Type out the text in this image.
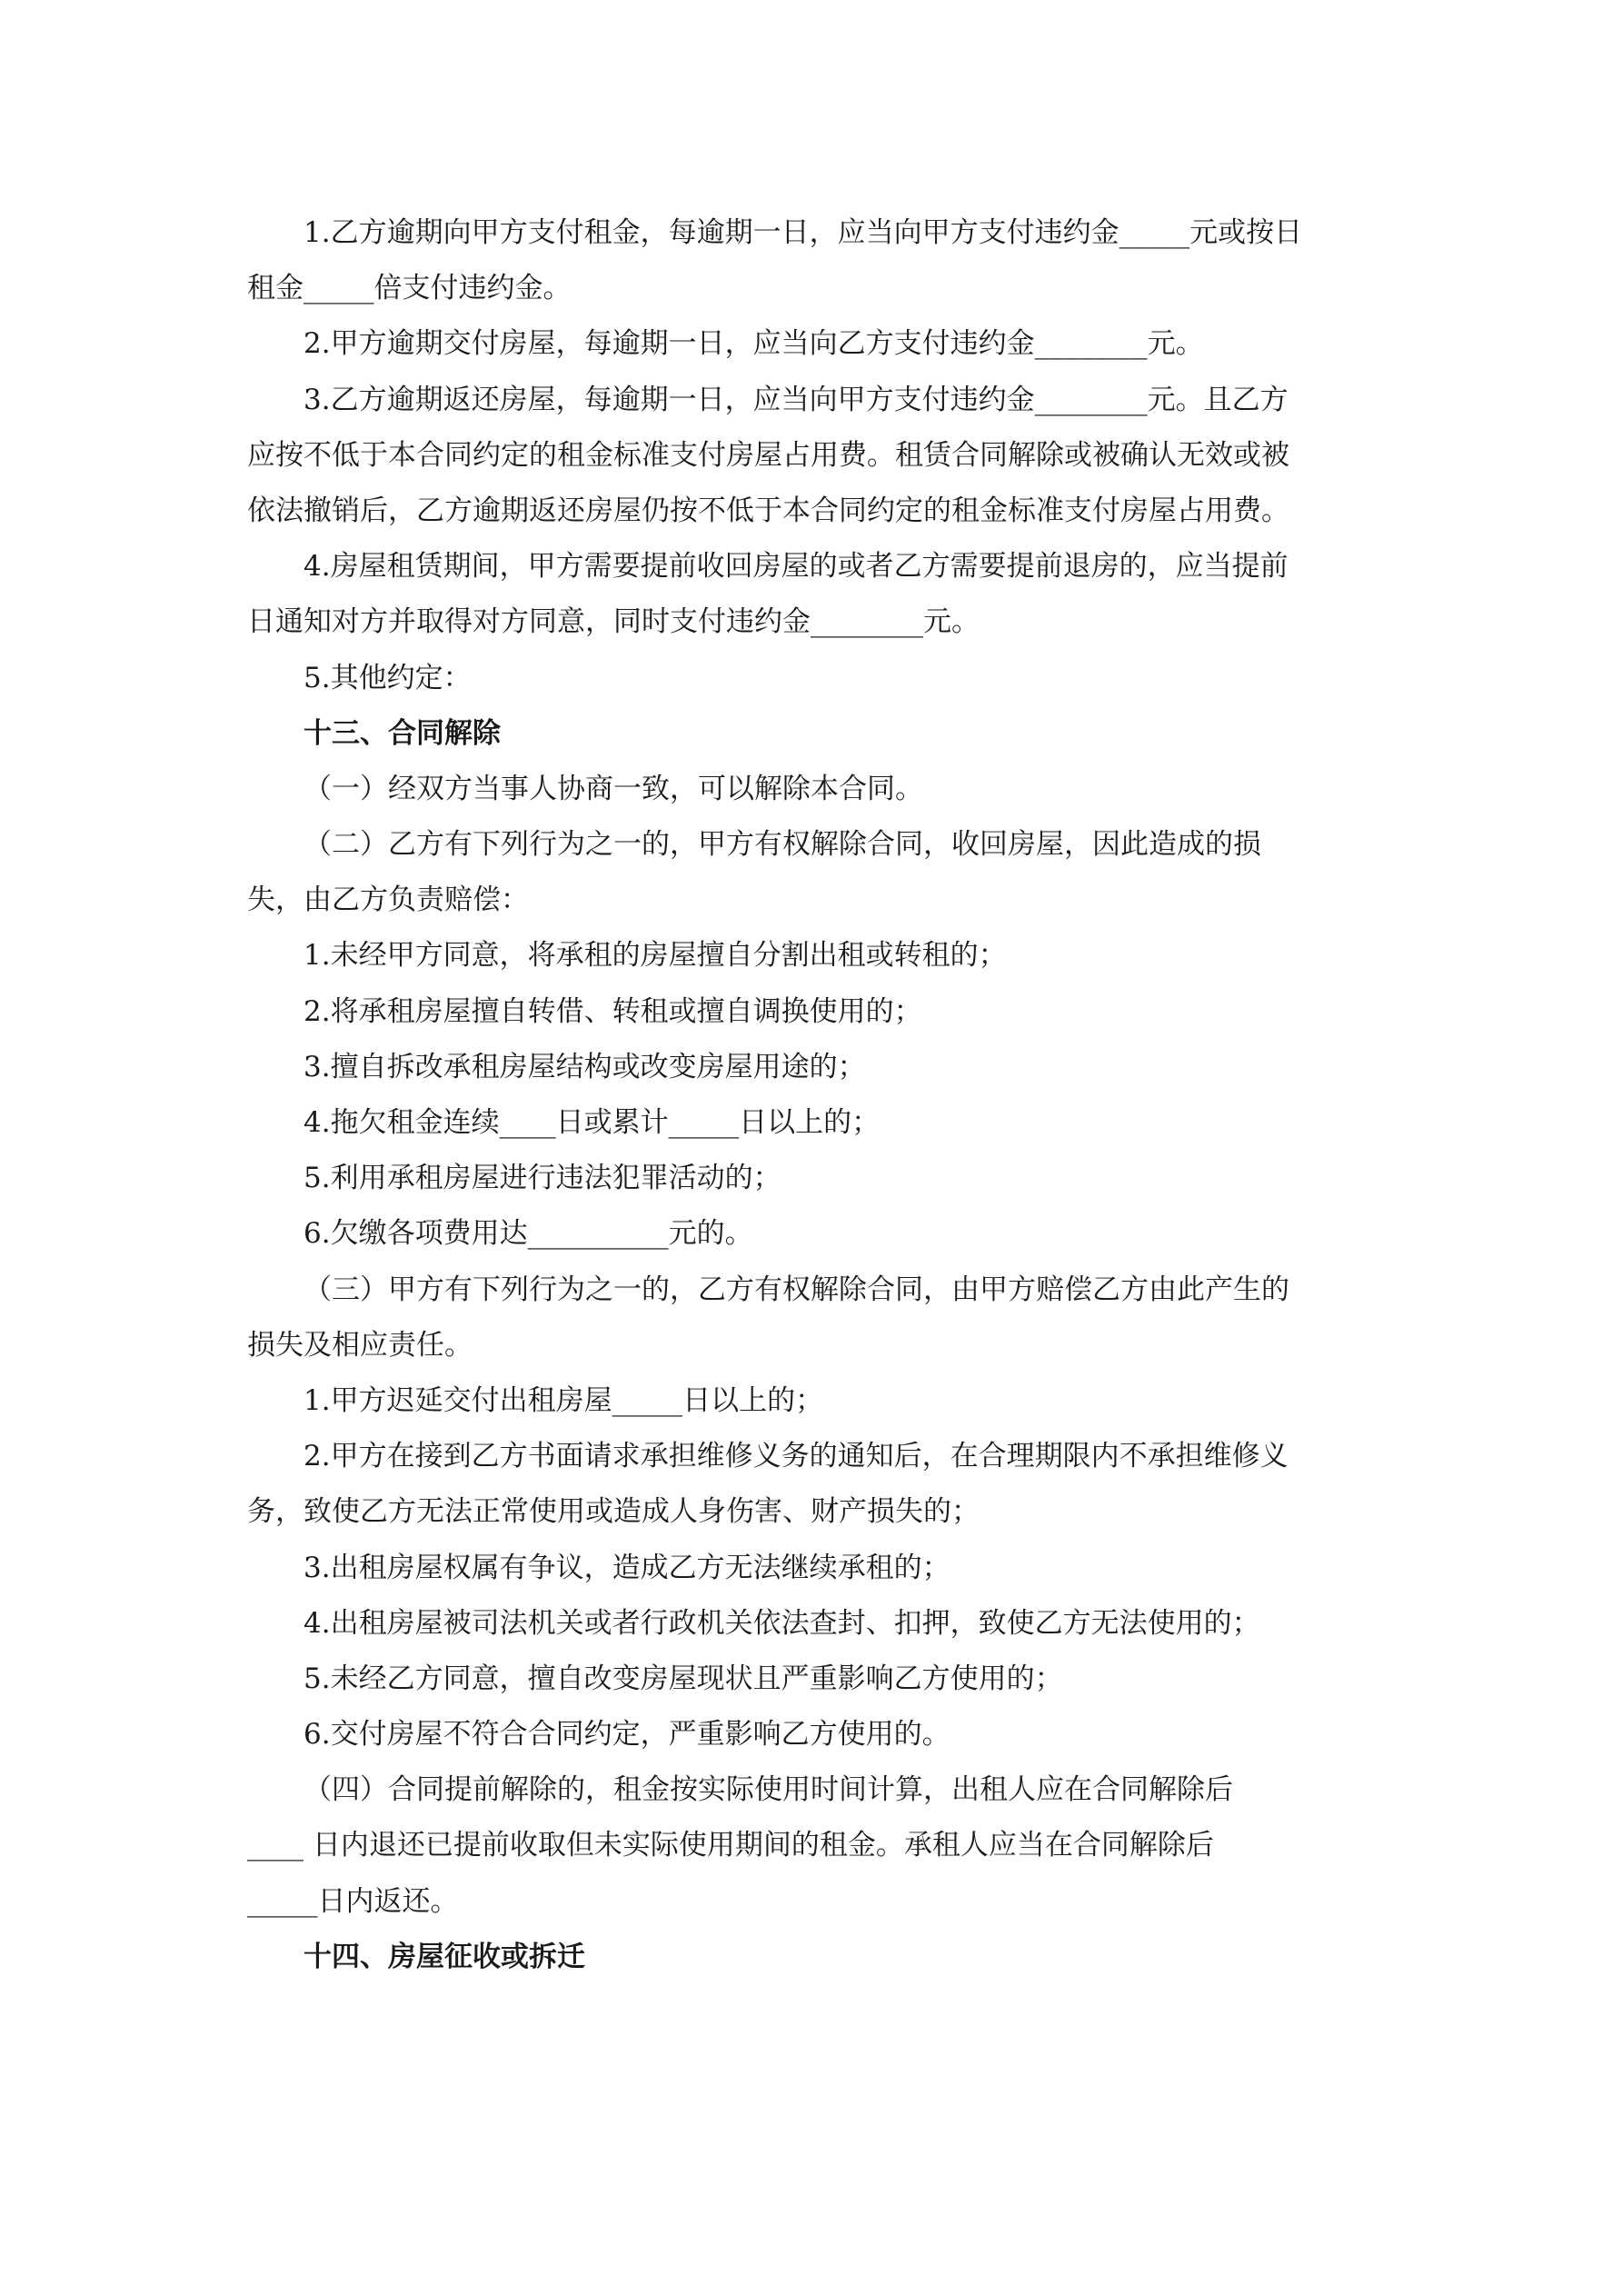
1.乙方逾期向甲方支付租金，每逾期一日，应当向甲方支付违约金_____元或按日
租金_____倍支付违约金。
2.甲方逾期交付房屋，每逾期一日，应当向乙方支付违约金________元。
3.乙方逾期返还房屋，每逾期一日，应当向甲方支付违约金________元。且乙方
应按不低于本合同约定的租金标准支付房屋占用费。租赁合同解除或被确认无效或被
依法撤销后，乙方逾期返还房屋仍按不低于本合同约定的租金标准支付房屋占用费。
4.房屋租赁期间，甲方需要提前收回房屋的或者乙方需要提前退房的，应当提前
日通知对方并取得对方同意，同时支付违约金________元。
5.其他约定：
十三、合同解除
（一）经双方当事人协商一致，可以解除本合同。
（二）乙方有下列行为之一的，甲方有权解除合同，收回房屋，因此造成的损
失，由乙方负责赔偿：
1.未经甲方同意，将承租的房屋擅自分割出租或转租的；
2.将承租房屋擅自转借、转租或擅自调换使用的；
3.擅自拆改承租房屋结构或改变房屋用途的；
4.拖欠租金连续____日或累计_____日以上的；
5.利用承租房屋进行违法犯罪活动的；
6.欠缴各项费用达__________元的。
（三）甲方有下列行为之一的，乙方有权解除合同，由甲方赔偿乙方由此产生的
损失及相应责任。
1.甲方迟延交付出租房屋_____日以上的；
2.甲方在接到乙方书面请求承担维修义务的通知后，在合理期限内不承担维修义
务，致使乙方无法正常使用或造成人身伤害、财产损失的；
3.出租房屋权属有争议，造成乙方无法继续承租的；
4.出租房屋被司法机关或者行政机关依法查封、扣押，致使乙方无法使用的；
5.未经乙方同意，擅自改变房屋现状且严重影响乙方使用的；
6.交付房屋不符合合同约定，严重影响乙方使用的。
（四）合同提前解除的，租金按实际使用时间计算，出租人应在合同解除后
____ 日内退还已提前收取但未实际使用期间的租金。承租人应当在合同解除后
_____日内返还。
十四、房屋征收或拆迁
